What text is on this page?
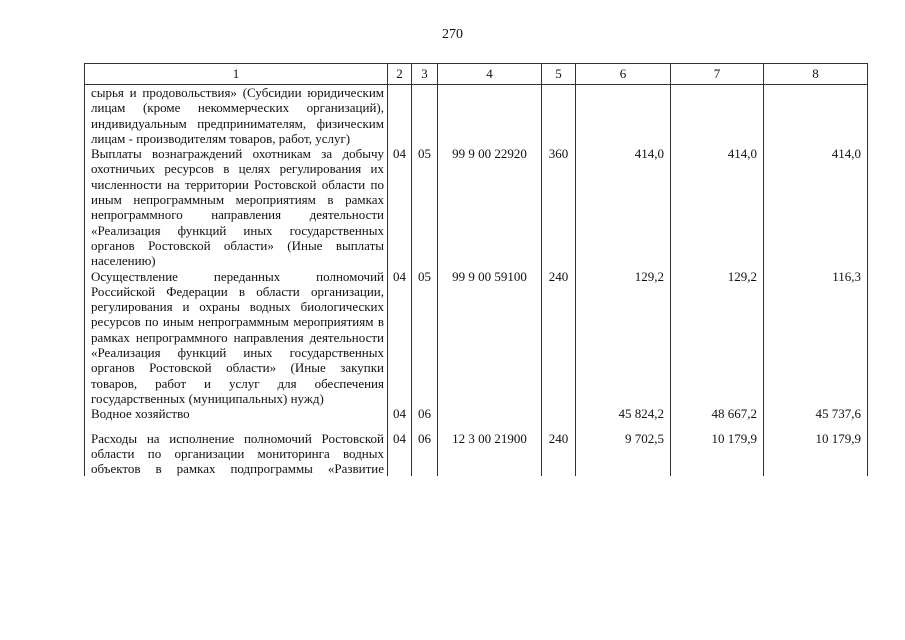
270
1	2	3	4	5	6	7	8
сырья и продовольствия» (Субсидии юридическим лицам (кроме некоммерческих организаций), индивидуальным предпринимателям, физическим лицам - производителям товаров, работ, услуг)							
Выплаты вознаграждений охотникам за добычу охотничьих ресурсов в целях регулирования их численности на территории Ростовской области по иным непрограммным мероприятиям в рамках непрограммного направления деятельности «Реализация функций иных государственных органов Ростовской области» (Иные выплаты населению)	04	05	99 9 00 22920	360	414,0	414,0	414,0
Осуществление переданных полномочий Российской Федерации в области организации, регулирования и охраны водных биологических ресурсов по иным непрограммным мероприятиям в рамках непрограммного направления деятельности «Реализация функций иных государственных органов Ростовской области» (Иные закупки товаров, работ и услуг для обеспечения государственных (муниципальных) нужд)	04	05	99 9 00 59100	240	129,2	129,2	116,3
Водное хозяйство	04	06			45 824,2	48 667,2	45 737,6
Расходы на исполнение полномочий Ростовской области по организации мониторинга водных объектов в рамках подпрограммы «Развитие	04	06	12 3 00 21900	240	9 702,5	10 179,9	10 179,9
